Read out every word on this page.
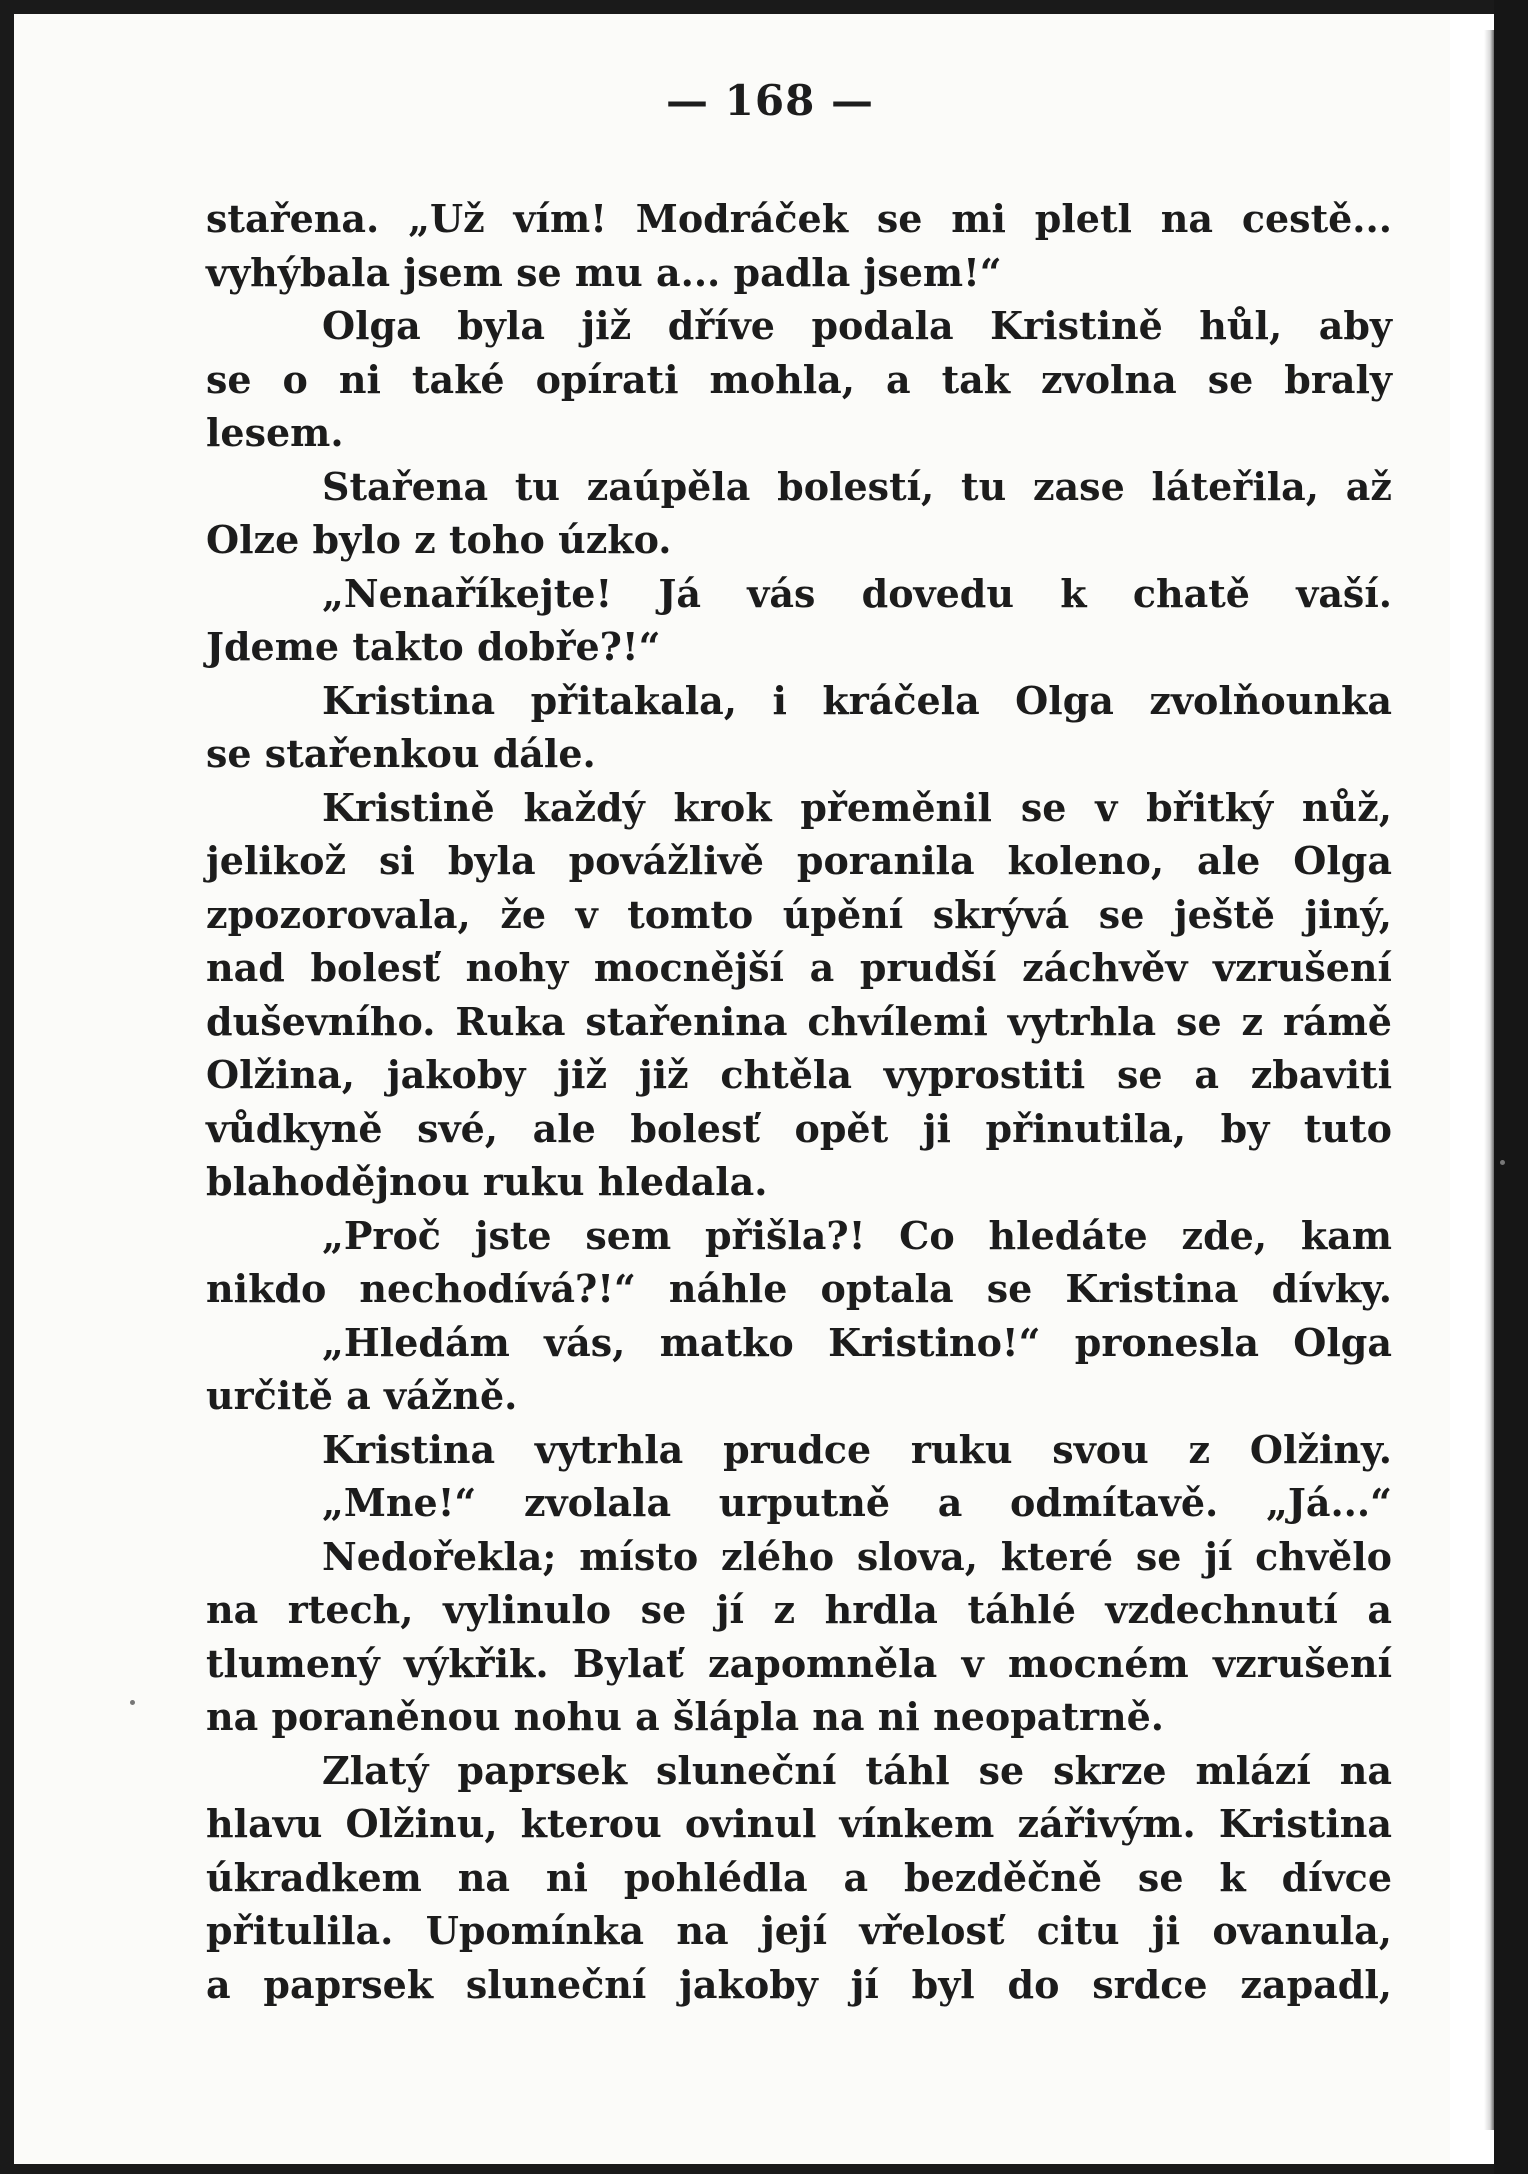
— 168 —
stařena. „Už vím! Modráček se mi pletl na cestě...
vyhýbala jsem se mu a... padla jsem!“
Olga byla již dříve podala Kristině hůl, aby
se o ni také opírati mohla, a tak zvolna se braly
lesem.
Stařena tu zaúpěla bolestí, tu zase láteřila, až
Olze bylo z toho úzko.
„Nenaříkejte! Já vás dovedu k chatě vaší.
Jdeme takto dobře?!“
Kristina přitakala, i kráčela Olga zvolňounka
se stařenkou dále.
Kristině každý krok přeměnil se v břitký nůž,
jelikož si byla povážlivě poranila koleno, ale Olga
zpozorovala, že v tomto úpění skrývá se ještě jiný,
nad bolesť nohy mocnější a prudší záchvěv vzrušení
duševního. Ruka stařenina chvílemi vytrhla se z rámě
Olžina, jakoby již již chtěla vyprostiti se a zbaviti
vůdkyně své, ale bolesť opět ji přinutila, by tuto
blahodějnou ruku hledala.
„Proč jste sem přišla?! Co hledáte zde, kam
nikdo nechodívá?!“ náhle optala se Kristina dívky.
„Hledám vás, matko Kristino!“ pronesla Olga
určitě a vážně.
Kristina vytrhla prudce ruku svou z Olžiny.
„Mne!“ zvolala urputně a odmítavě. „Já...“
Nedořekla; místo zlého slova, které se jí chvělo
na rtech, vylinulo se jí z hrdla táhlé vzdechnutí a
tlumený výkřik. Bylať zapomněla v mocném vzrušení
na poraněnou nohu a šlápla na ni neopatrně.
Zlatý paprsek sluneční táhl se skrze mlází na
hlavu Olžinu, kterou ovinul vínkem zářivým. Kristina
úkradkem na ni pohlédla a bezděčně se k dívce
přitulila. Upomínka na její vřelosť citu ji ovanula,
a paprsek sluneční jakoby jí byl do srdce zapadl,
